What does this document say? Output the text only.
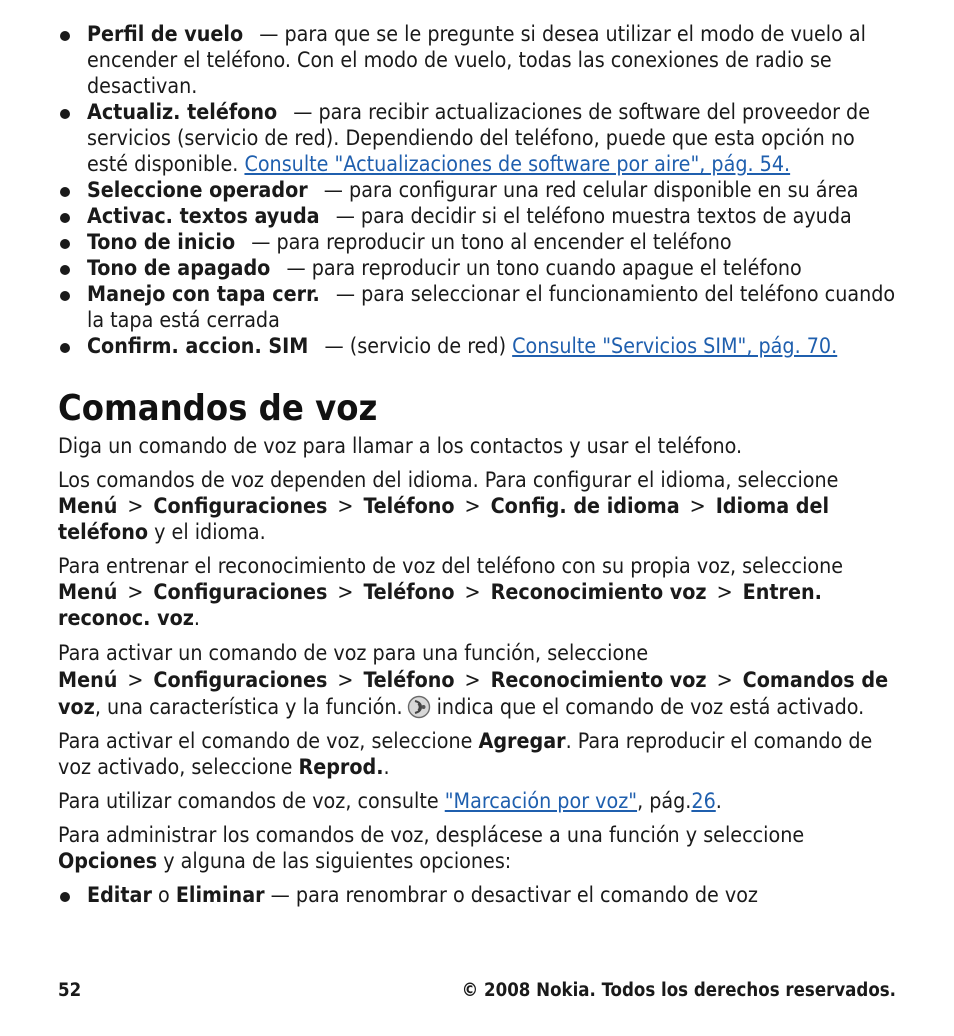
Perfil de vuelo — para que se le pregunte si desea utilizar el modo de vuelo al encender el teléfono. Con el modo de vuelo, todas las conexiones de radio se desactivan.
Actualiz. teléfono — para recibir actualizaciones de software del proveedor de servicios (servicio de red). Dependiendo del teléfono, puede que esta opción no esté disponible. Consulte "Actualizaciones de software por aire", pág. 54.
Seleccione operador — para configurar una red celular disponible en su área
Activac. textos ayuda — para decidir si el teléfono muestra textos de ayuda
Tono de inicio — para reproducir un tono al encender el teléfono
Tono de apagado — para reproducir un tono cuando apague el teléfono
Manejo con tapa cerr. — para seleccionar el funcionamiento del teléfono cuando la tapa está cerrada
Confirm. accion. SIM — (servicio de red) Consulte "Servicios SIM", pág. 70.
Comandos de voz

Diga un comando de voz para llamar a los contactos y usar el teléfono.

Los comandos de voz dependen del idioma. Para configurar el idioma, seleccione Menú > Configuraciones > Teléfono > Config. de idioma > Idioma del teléfono y el idioma.

Para entrenar el reconocimiento de voz del teléfono con su propia voz, seleccione Menú > Configuraciones > Teléfono > Reconocimiento voz > Entren. reconoc. voz.

Para activar un comando de voz para una función, seleccione Menú > Configuraciones > Teléfono > Reconocimiento voz > Comandos de voz, una característica y la función. indica que el comando de voz está activado.

Para activar el comando de voz, seleccione Agregar. Para reproducir el comando de voz activado, seleccione Reprod..

Para utilizar comandos de voz, consulte "Marcación por voz", pág.26.

Para administrar los comandos de voz, desplácese a una función y seleccione Opciones y alguna de las siguientes opciones:

Editar o Eliminar — para renombrar o desactivar el comando de voz
52	© 2008 Nokia. Todos los derechos reservados.
